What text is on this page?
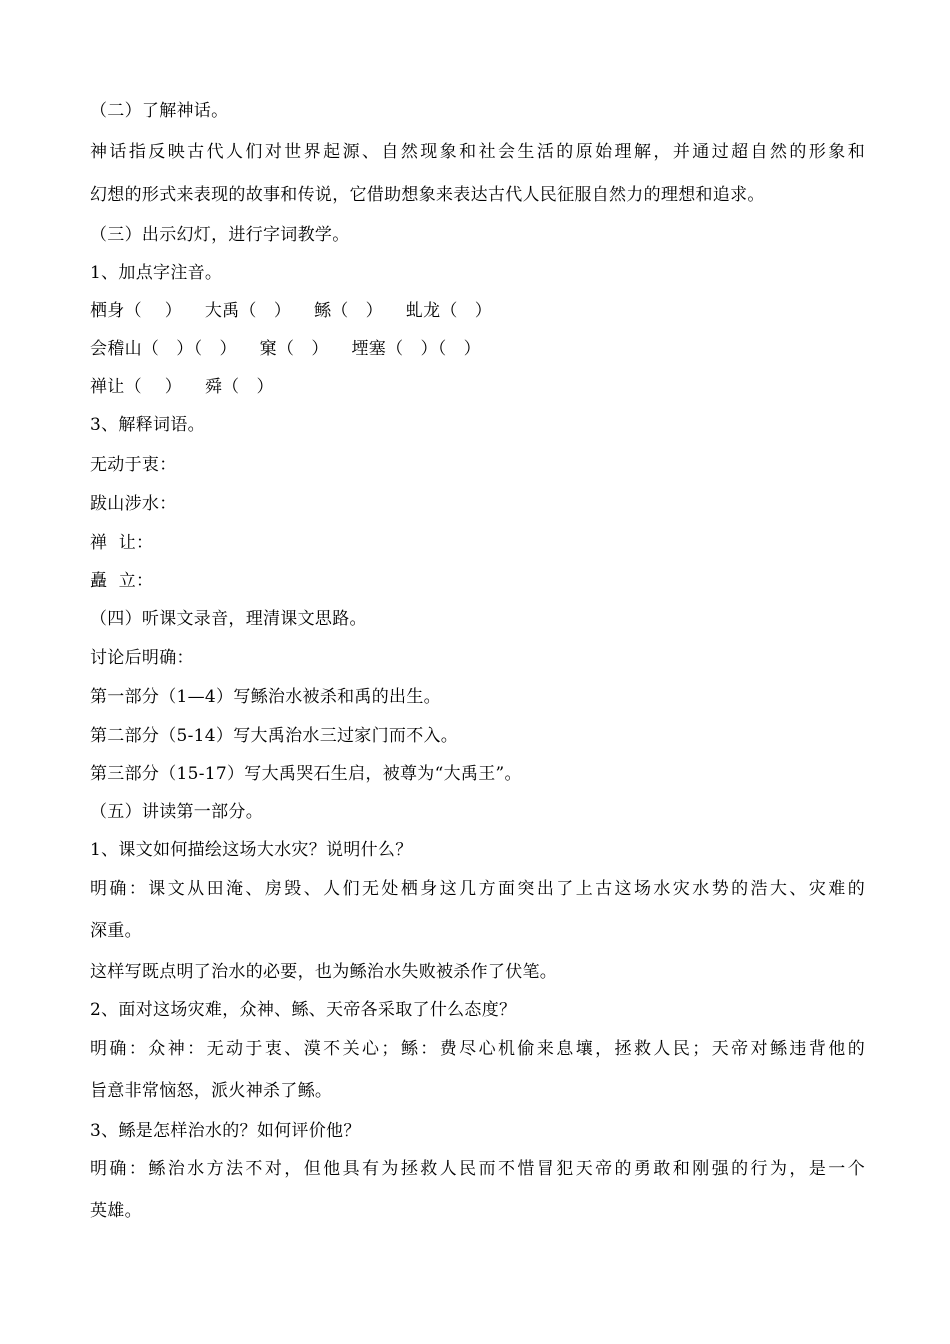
（二）了解神话。
神话指反映古代人们对世界起源、自然现象和社会生活的原始理解，并通过超自然的形象和
幻想的形式来表现的故事和传说，它借助想象来表达古代人民征服自然力的理想和追求。
（三）出示幻灯，进行字词教学。
1、加点字注音。
栖身（    ）    大禹（   ）    鲧（   ）    虬龙（   ）
会稽山（   ）（   ）    窠（   ）    堙塞（   ）（   ）
禅让（    ）    舜（   ）
3、解释词语。
无动于衷：
跋山涉水：
禅  让：
矗  立：
（四）听课文录音，理清课文思路。
讨论后明确：
第一部分（1—4）写鲧治水被杀和禹的出生。
第二部分（5-14）写大禹治水三过家门而不入。
第三部分（15-17）写大禹哭石生启，被尊为“大禹王”。
（五）讲读第一部分。
1、课文如何描绘这场大水灾？说明什么？
明确：课文从田淹、房毁、人们无处栖身这几方面突出了上古这场水灾水势的浩大、灾难的
深重。
这样写既点明了治水的必要，也为鲧治水失败被杀作了伏笔。
2、面对这场灾难，众神、鲧、天帝各采取了什么态度？
明确：众神：无动于衷、漠不关心；鲧：费尽心机偷来息壤，拯救人民；天帝对鲧违背他的
旨意非常恼怒，派火神杀了鲧。
3、鲧是怎样治水的？如何评价他？
明确：鲧治水方法不对，但他具有为拯救人民而不惜冒犯天帝的勇敢和刚强的行为，是一个
英雄。
